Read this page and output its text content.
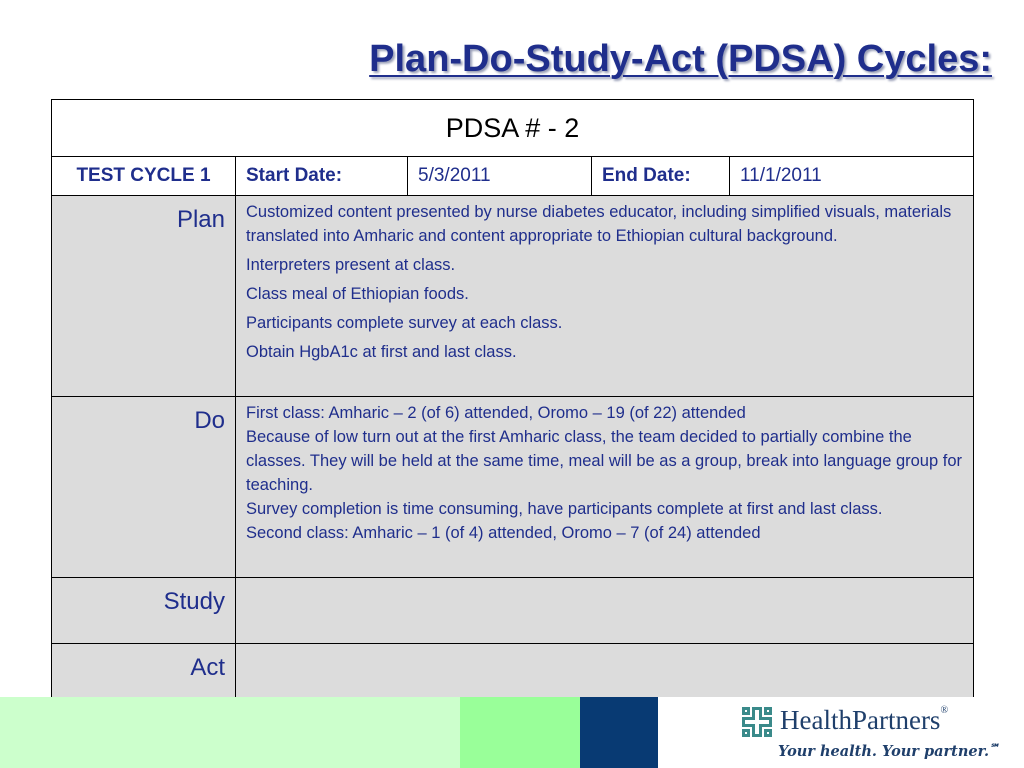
Plan-Do-Study-Act (PDSA) Cycles:
PDSA # - 2				
TEST CYCLE 1	Start Date:	5/3/2011	End Date:	11/1/2011
Plan	Customized content presented by nurse diabetes educator, including simplified visuals, materials translated into Amharic and content appropriate to Ethiopian cultural background.

Interpreters present at class.

Class meal of Ethiopian foods.

Participants complete survey at each class.

Obtain HgbA1c at first and last class.			

Do	First class: Amharic – 2 (of 6) attended, Oromo – 19 (of 22) attended

Because of low turn out at the first Amharic class, the team decided to partially combine the classes. They will be held at the same time, meal will be as a group, break into language group for teaching.

Survey completion is time consuming, have participants complete at first and last class.

Second class: Amharic – 1 (of 4) attended, Oromo – 7 (of 24) attended			

Study				
Act				
HealthPartners®
Your health. Your partner.℠
